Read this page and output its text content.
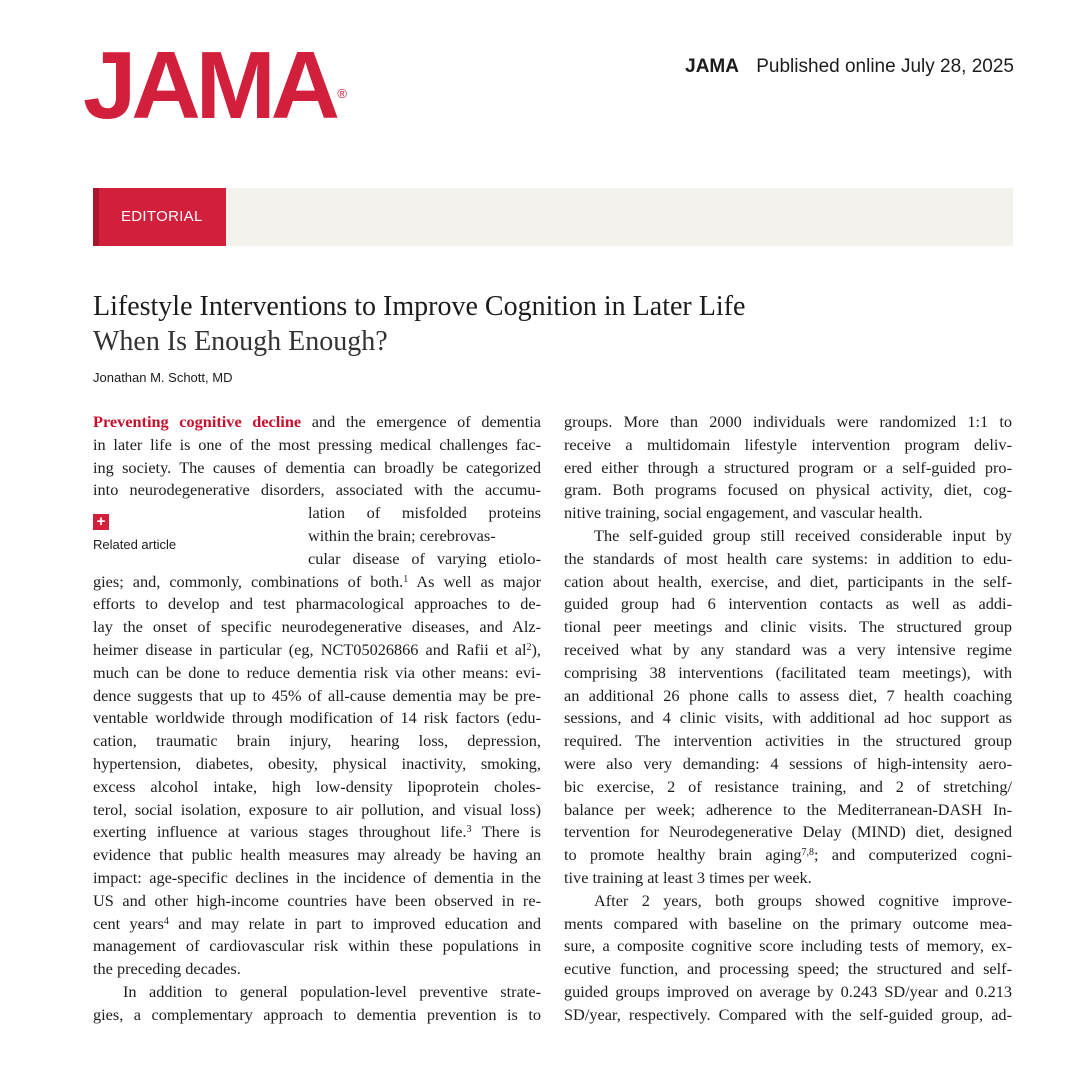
JAMA ®
JAMA Published online July 28, 2025
EDITORIAL
Lifestyle Interventions to Improve Cognition in Later Life
When Is Enough Enough?
Jonathan M. Schott, MD
+
Related article
Preventing cognitive decline and the emergence of dementia
in later life is one of the most pressing medical challenges fac-
ing society. The causes of dementia can broadly be categorized
into neurodegenerative disorders, associated with the accumu-
lation of misfolded proteins
within the brain; cerebrovas-
cular disease of varying etiolo-
gies; and, commonly, combinations of both.$^1$ As well as major
efforts to develop and test pharmacological approaches to de-
lay the onset of specific neurodegenerative diseases, and Alz-
heimer disease in particular (eg, NCT05026866 and Rafii et $al^2$),
much can be done to reduce dementia risk via other means: evi-
dence suggests that up to 45% of all-cause dementia may be pre-
ventable worldwide through modification of 14 risk factors (edu-
cation, traumatic brain injury, hearing loss, depression,
hypertension, diabetes, obesity, physical inactivity, smoking,
excess alcohol intake, high low-density lipoprotein choles-
terol, social isolation, exposure to air pollution, and visual loss)
exerting influence at various stages throughout life.$^3$ There is
evidence that public health measures may already be having an
impact: age-specific declines in the incidence of dementia in the
US and other high-income countries have been observed in re-
cent years$^4$ and may relate in part to improved education and
management of cardiovascular risk within these populations in
the preceding decades.
In addition to general population-level preventive strate-
gies, a complementary approach to dementia prevention is to
groups. More than 2000 individuals were randomized 1:1 to
receive a multidomain lifestyle intervention program deliv-
ered either through a structured program or a self-guided pro-
gram. Both programs focused on physical activity, diet, cog-
nitive training, social engagement, and vascular health.
The self-guided group still received considerable input by
the standards of most health care systems: in addition to edu-
cation about health, exercise, and diet, participants in the self-
guided group had 6 intervention contacts as well as addi-
tional peer meetings and clinic visits. The structured group
received what by any standard was a very intensive regime
comprising 38 interventions (facilitated team meetings), with
an additional 26 phone calls to assess diet, 7 health coaching
sessions, and 4 clinic visits, with additional ad hoc support as
required. The intervention activities in the structured group
were also very demanding: 4 sessions of high-intensity aero-
bic exercise, 2 of resistance training, and 2 of stretching/
balance per week; adherence to the Mediterranean-DASH In-
tervention for Neurodegenerative Delay (MIND) diet, designed
to promote healthy brain aging$^{7,8}$; and computerized cogni-
tive training at least 3 times per week.
After 2 years, both groups showed cognitive improve-
ments compared with baseline on the primary outcome mea-
sure, a composite cognitive score including tests of memory, ex-
ecutive function, and processing speed; the structured and self-
guided groups improved on average by 0.243 SD/year and 0.213
SD/year, respectively. Compared with the self-guided group, ad-
